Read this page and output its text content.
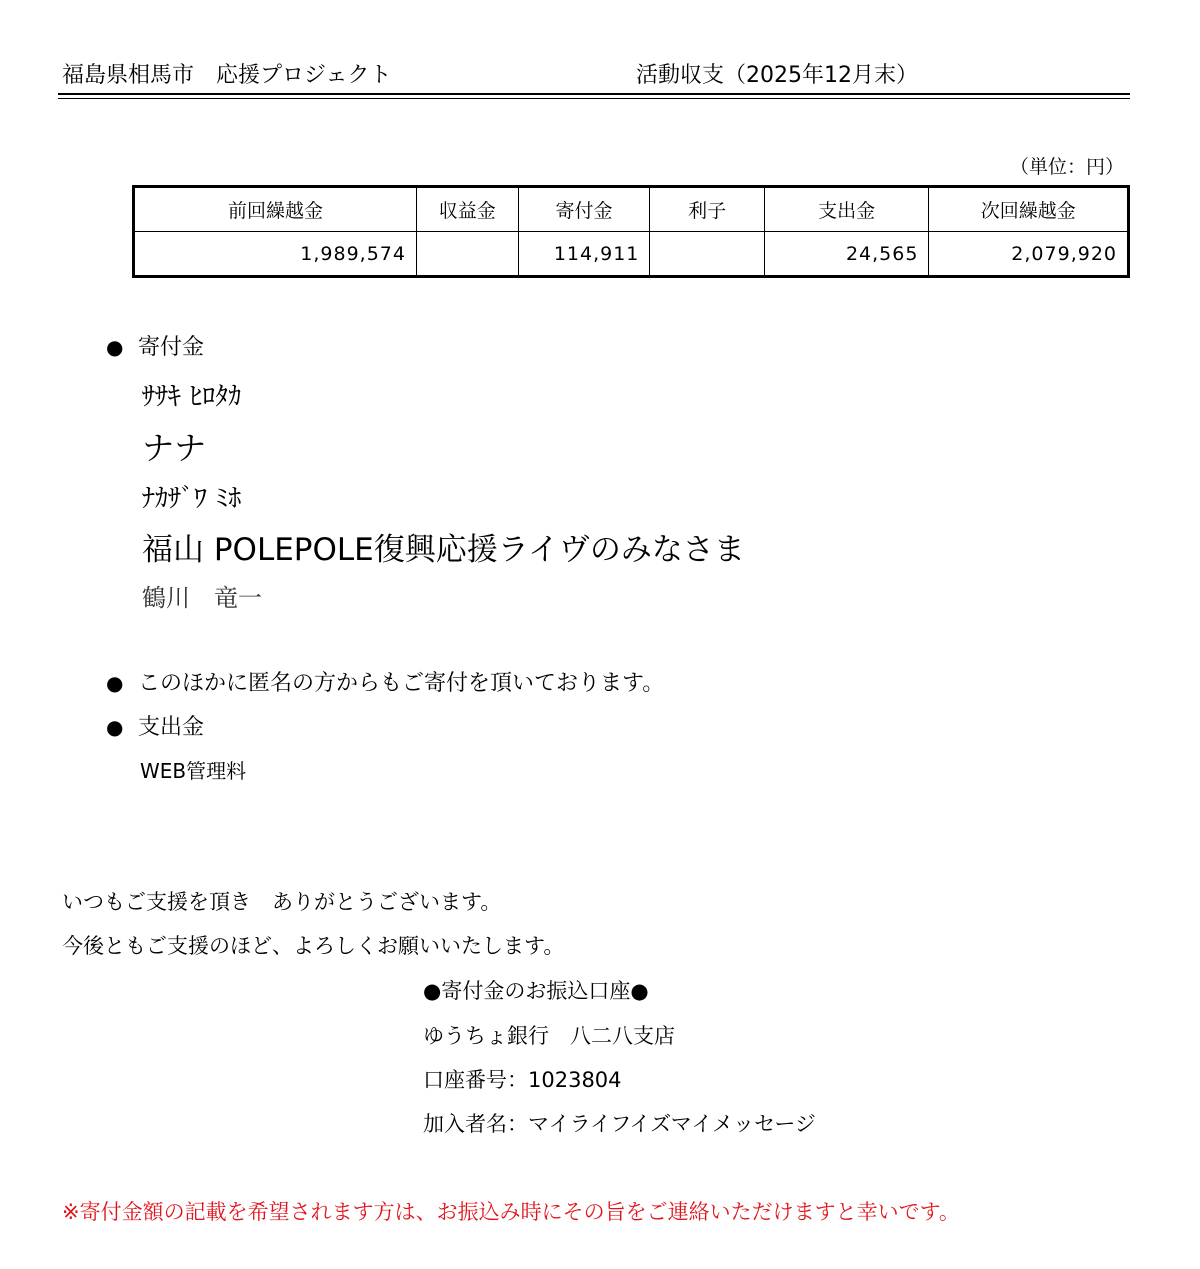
福島県相馬市　応援プロジェクト	活動収支（2025年12月末）
（単位：円）
前回繰越金	収益金	寄付金	利子	支出金	次回繰越金
1,989,574		114,911		24,565	2,079,920
● 寄付金
ｻｻｷ ﾋﾛﾀｶ
ナナ
ﾅｶｻﾞﾜ ﾐﾎ
福山 POLEPOLE復興応援ライヴのみなさま
鶴川　竜一
● このほかに匿名の方からもご寄付を頂いております。
● 支出金
WEB管理料
いつもご支援を頂き　ありがとうございます。
今後ともご支援のほど、よろしくお願いいたします。
●寄付金のお振込口座●
ゆうちょ銀行　八二八支店
口座番号：1023804
加入者名：マイライフイズマイメッセージ
※寄付金額の記載を希望されます方は、お振込み時にその旨をご連絡いただけますと幸いです。
